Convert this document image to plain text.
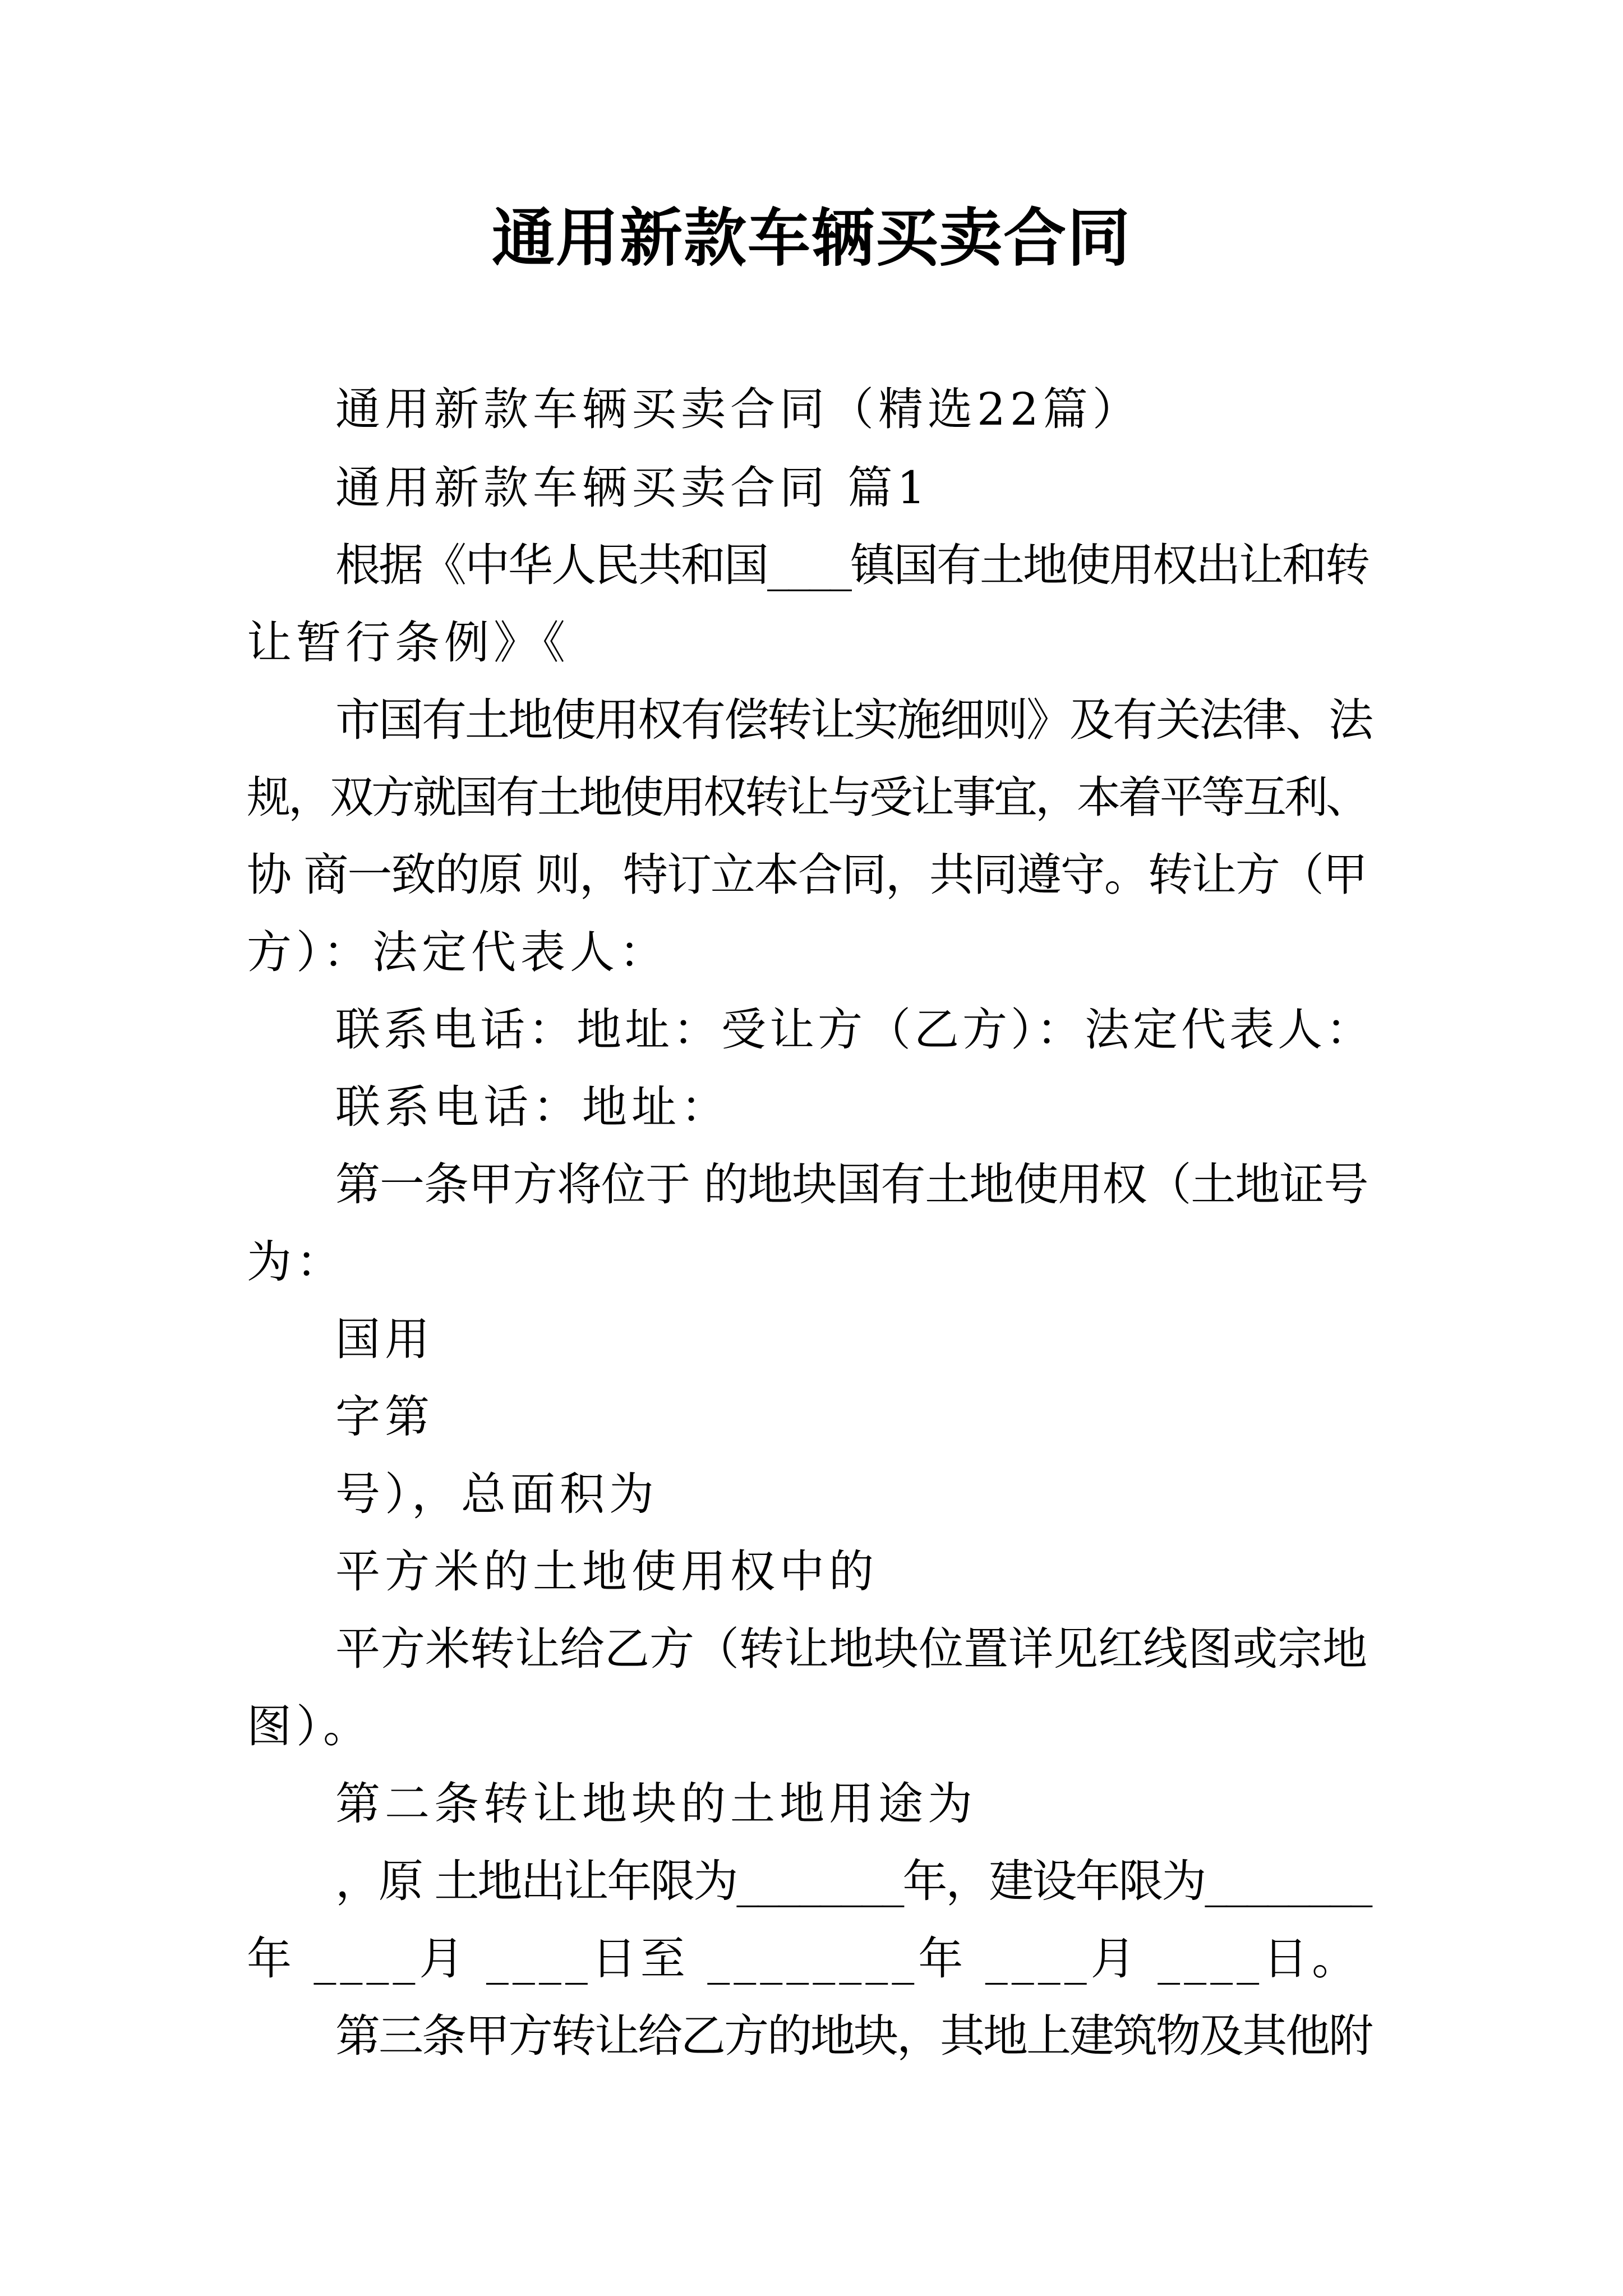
通用新款车辆买卖合同
通用新款车辆买卖合同（精选22篇）
通用新款车辆买卖合同 篇1
根据《中华人民共和国____镇国有土地使用权出让和转
让暂行条例》《
市国有土地使用权有偿转让实施细则》及有关法律、法
规，双方就国有土地使用权转让与受让事宜，本着平等互利、
协 商一致的原 则，特订立本合同，共同遵守。转让方（甲
方）：法定代表人：
联系电话：地址：受让方（乙方）：法定代表人：
联系电话：地址：
第一条甲方将位于 的地块国有土地使用权（土地证号
为：
国用
字第
号），总面积为
平方米的土地使用权中的
平方米转让给乙方（转让地块位置详见红线图或宗地
图）。
第二条转让地块的土地用途为
，原 土地出让年限为________年，建设年限为________
年 ____月 ____日至 ________年 ____月 ____日。
第三条甲方转让给乙方的地块，其地上建筑物及其他附
